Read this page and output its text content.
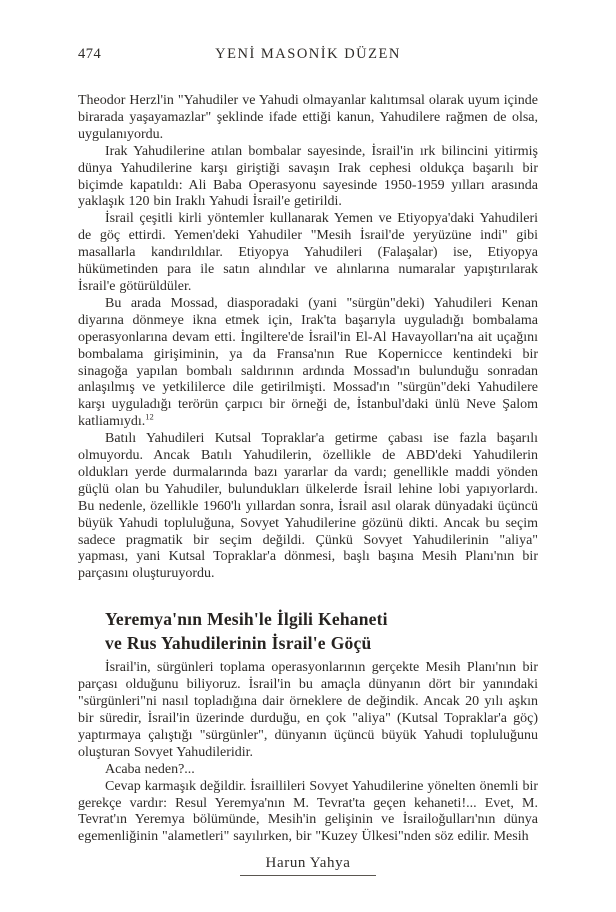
474	YENİ MASONİK DÜZEN

Theodor Herzl'in "Yahudiler ve Yahudi olmayanlar kalıtımsal olarak uyum içinde birarada yaşayamazlar" şeklinde ifade ettiği kanun, Yahudilere rağmen de olsa, uygulanıyordu.

Irak Yahudilerine atılan bombalar sayesinde, İsrail'in ırk bilincini yitirmiş dünya Yahudilerine karşı giriştiği savaşın Irak cephesi oldukça başarılı bir biçimde kapatıldı: Ali Baba Operasyonu sayesinde 1950-1959 yılları arasında yaklaşık 120 bin Iraklı Yahudi İsrail'e getirildi.

İsrail çeşitli kirli yöntemler kullanarak Yemen ve Etiyopya'daki Yahudileri de göç ettirdi. Yemen'deki Yahudiler "Mesih İsrail'de yeryüzüne indi" gibi masallarla kandırıldılar. Etiyopya Yahudileri (Falaşalar) ise, Etiyopya hükümetinden para ile satın alındılar ve alınlarına numaralar yapıştırılarak İsrail'e götürüldüler.

Bu arada Mossad, diasporadaki (yani "sürgün"deki) Yahudileri Kenan diyarına dönmeye ikna etmek için, Irak'ta başarıyla uyguladığı bombalama operasyonlarına devam etti. İngiltere'de İsrail'in El-Al Havayolları'na ait uçağını bombalama girişiminin, ya da Fransa'nın Rue Kopernicce kentindeki bir sinagoğa yapılan bombalı saldırının ardında Mossad'ın bulunduğu sonradan anlaşılmış ve yetkililerce dile getirilmişti. Mossad'ın "sürgün"deki Yahudilere karşı uyguladığı terörün çarpıcı bir örneği de, İstanbul'daki ünlü Neve Şalom katliamıydı.$^{12}$

Batılı Yahudileri Kutsal Topraklar'a getirme çabası ise fazla başarılı olmuyordu. Ancak Batılı Yahudilerin, özellikle de ABD'deki Yahudilerin oldukları yerde durmalarında bazı yararlar da vardı; genellikle maddi yönden güçlü olan bu Yahudiler, bulundukları ülkelerde İsrail lehine lobi yapıyorlardı. Bu nedenle, özellikle 1960'lı yıllardan sonra, İsrail asıl olarak dünyadaki üçüncü büyük Yahudi topluluğuna, Sovyet Yahudilerine gözünü dikti. Ancak bu seçim sadece pragmatik bir seçim değildi. Çünkü Sovyet Yahudilerinin "aliya" yapması, yani Kutsal Topraklar'a dönmesi, başlı başına Mesih Planı'nın bir parçasını oluşturuyordu.

Yeremya'nın Mesih'le İlgili Kehaneti
ve Rus Yahudilerinin İsrail'e Göçü

İsrail'in, sürgünleri toplama operasyonlarının gerçekte Mesih Planı'nın bir parçası olduğunu biliyoruz. İsrail'in bu amaçla dünyanın dört bir yanındaki "sürgünleri"ni nasıl topladığına dair örneklere de değindik. Ancak 20 yılı aşkın bir süredir, İsrail'in üzerinde durduğu, en çok "aliya" (Kutsal Topraklar'a göç) yaptırmaya çalıştığı "sürgünler", dünyanın üçüncü büyük Yahudi topluluğunu oluşturan Sovyet Yahudileridir.

Acaba neden?...

Cevap karmaşık değildir. İsraillileri Sovyet Yahudilerine yönelten önemli bir gerekçe vardır: Resul Yeremya'nın M. Tevrat'ta geçen kehaneti!... Evet, M. Tevrat'ın Yeremya bölümünde, Mesih'in gelişinin ve İsrailoğulları'nın dünya egemenliğinin "alametleri" sayılırken, bir "Kuzey Ülkesi"nden söz edilir. Mesih

Harun Yahya
